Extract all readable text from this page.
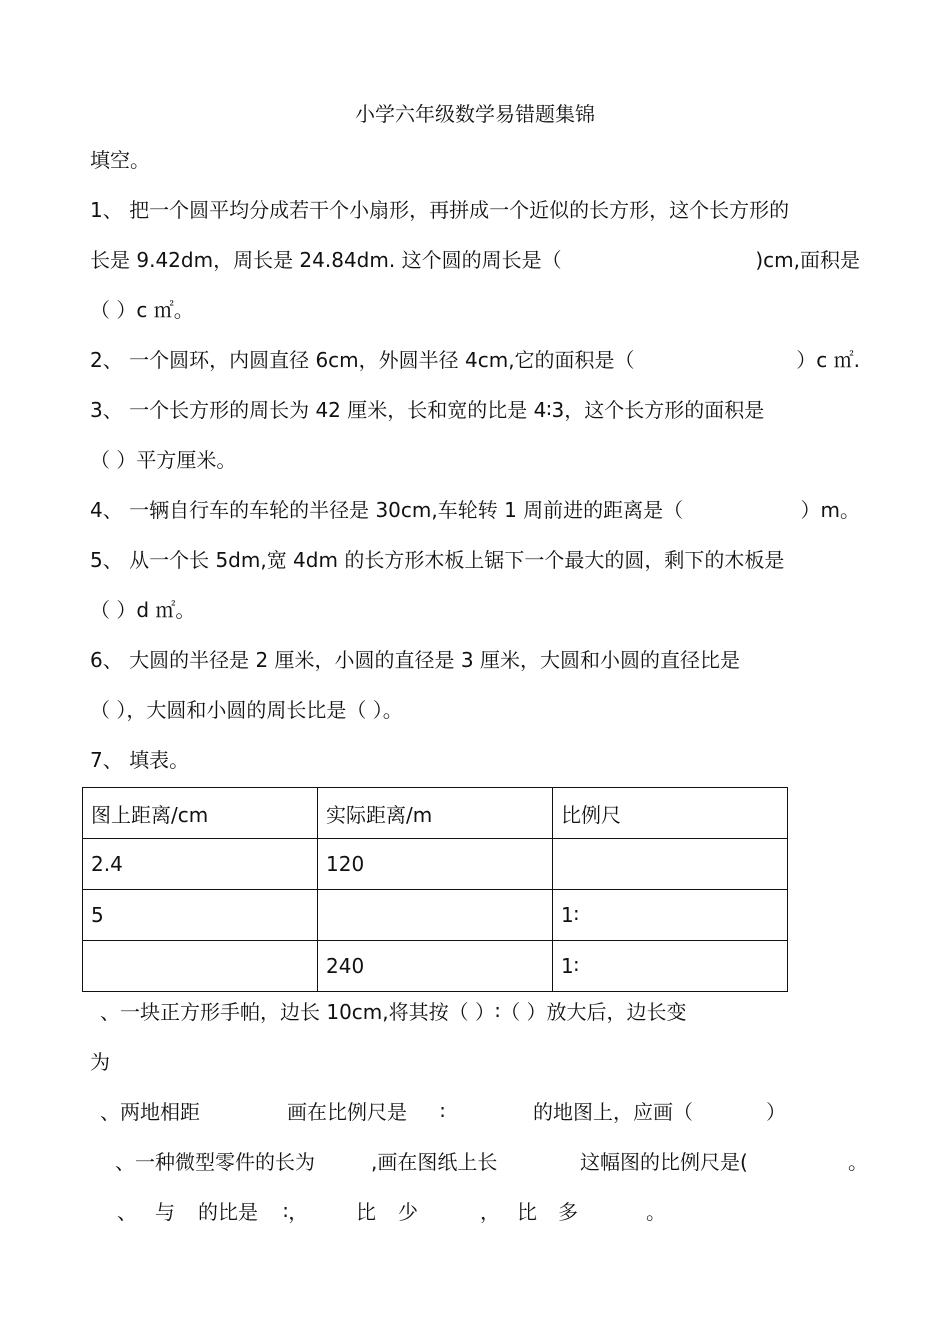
小学六年级数学易错题集锦
填空。
1、 把一个圆平均分成若干个小扇形，再拼成一个近似的长方形，这个长方形的
长是 9.42dm，周长是 24.84dm. 这个圆的周长是（	)cm,面积是
（ ）c ㎡。
2、 一个圆环，内圆直径 6cm，外圆半径 4cm,它的面积是（	）c ㎡.
3、 一个长方形的周长为 42 厘米，长和宽的比是 4∶3，这个长方形的面积是
（ ）平方厘米。
4、 一辆自行车的车轮的半径是 30cm,车轮转 1 周前进的距离是（	）m。
5、 从一个长 5dm,宽 4dm 的长方形木板上锯下一个最大的圆，剩下的木板是
（ ）d ㎡。
6、 大圆的半径是 2 厘米，小圆的直径是 3 厘米，大圆和小圆的直径比是
（ ），大圆和小圆的周长比是（ ）。
7、 填表。
图上距离/cm	实际距离/m	比例尺
2.4	120	
5		1∶
	240	1∶
、一块正方形手帕，边长 10cm,将其按（ ）∶（ ）放大后，边长变
为
、两地相距	画在比例尺是 ∶	的地图上，应画（	）
、一种微型零件的长为	,画在图纸上长	这幅图的比例尺是(	。
、 与 的比是 ∶， 比 少	， 比 多	。
